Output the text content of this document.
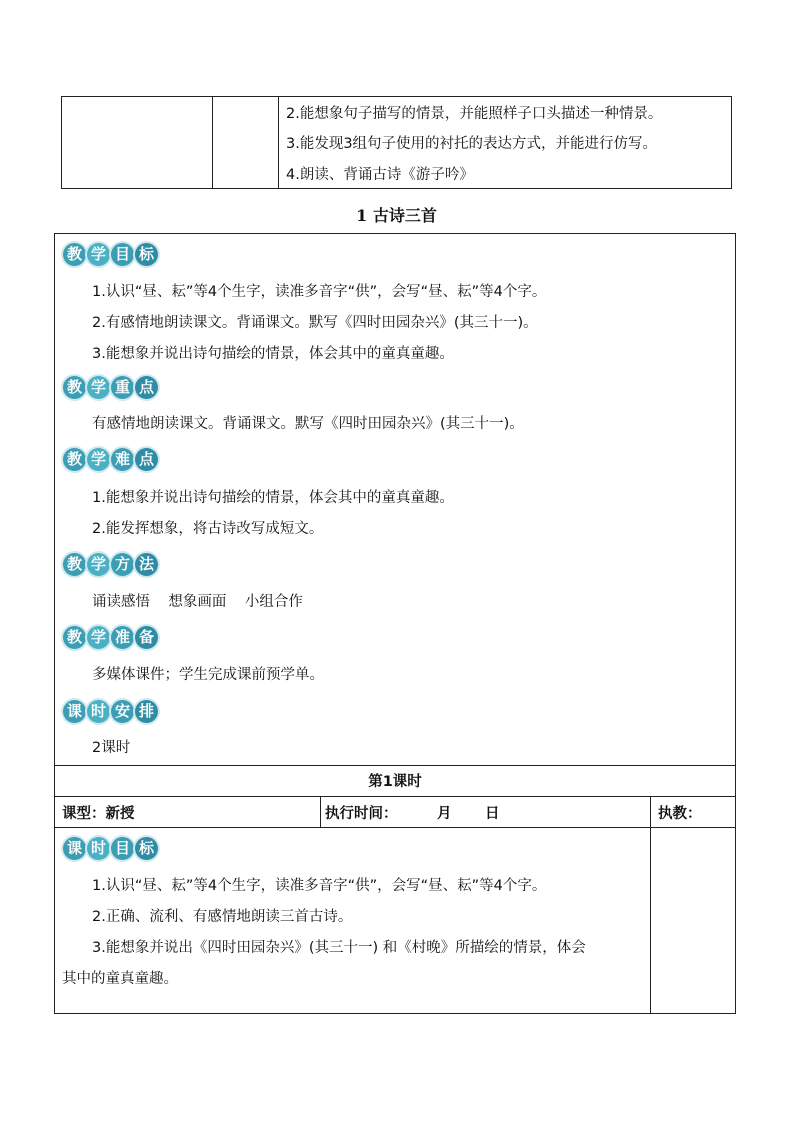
2.能想象句子描写的情景，并能照样子口头描述一种情景。
3.能发现3组句子使用的衬托的表达方式，并能进行仿写。
4.朗读、背诵古诗《游子吟》
1 古诗三首
教 学 目 标
1.认识“昼、耘”等4个生字，读准多音字“供”，会写“昼、耘”等4个字。
2.有感情地朗读课文。背诵课文。默写《四时田园杂兴》(其三十一)。
3.能想象并说出诗句描绘的情景，体会其中的童真童趣。
教 学 重 点
有感情地朗读课文。背诵课文。默写《四时田园杂兴》(其三十一)。
教 学 难 点
1.能想象并说出诗句描绘的情景，体会其中的童真童趣。
2.能发挥想象，将古诗改写成短文。
教 学 方 法
诵读感悟    想象画面    小组合作
教 学 准 备
多媒体课件；学生完成课前预学单。
课 时 安 排
2课时
第1课时
课型：新授	执行时间：	月 日	执教：
课 时 目 标
1.认识“昼、耘”等4个生字，读准多音字“供”，会写“昼、耘”等4个字。
2.正确、流利、有感情地朗读三首古诗。
3.能想象并说出《四时田园杂兴》(其三十一) 和《村晚》所描绘的情景，体会
其中的童真童趣。
